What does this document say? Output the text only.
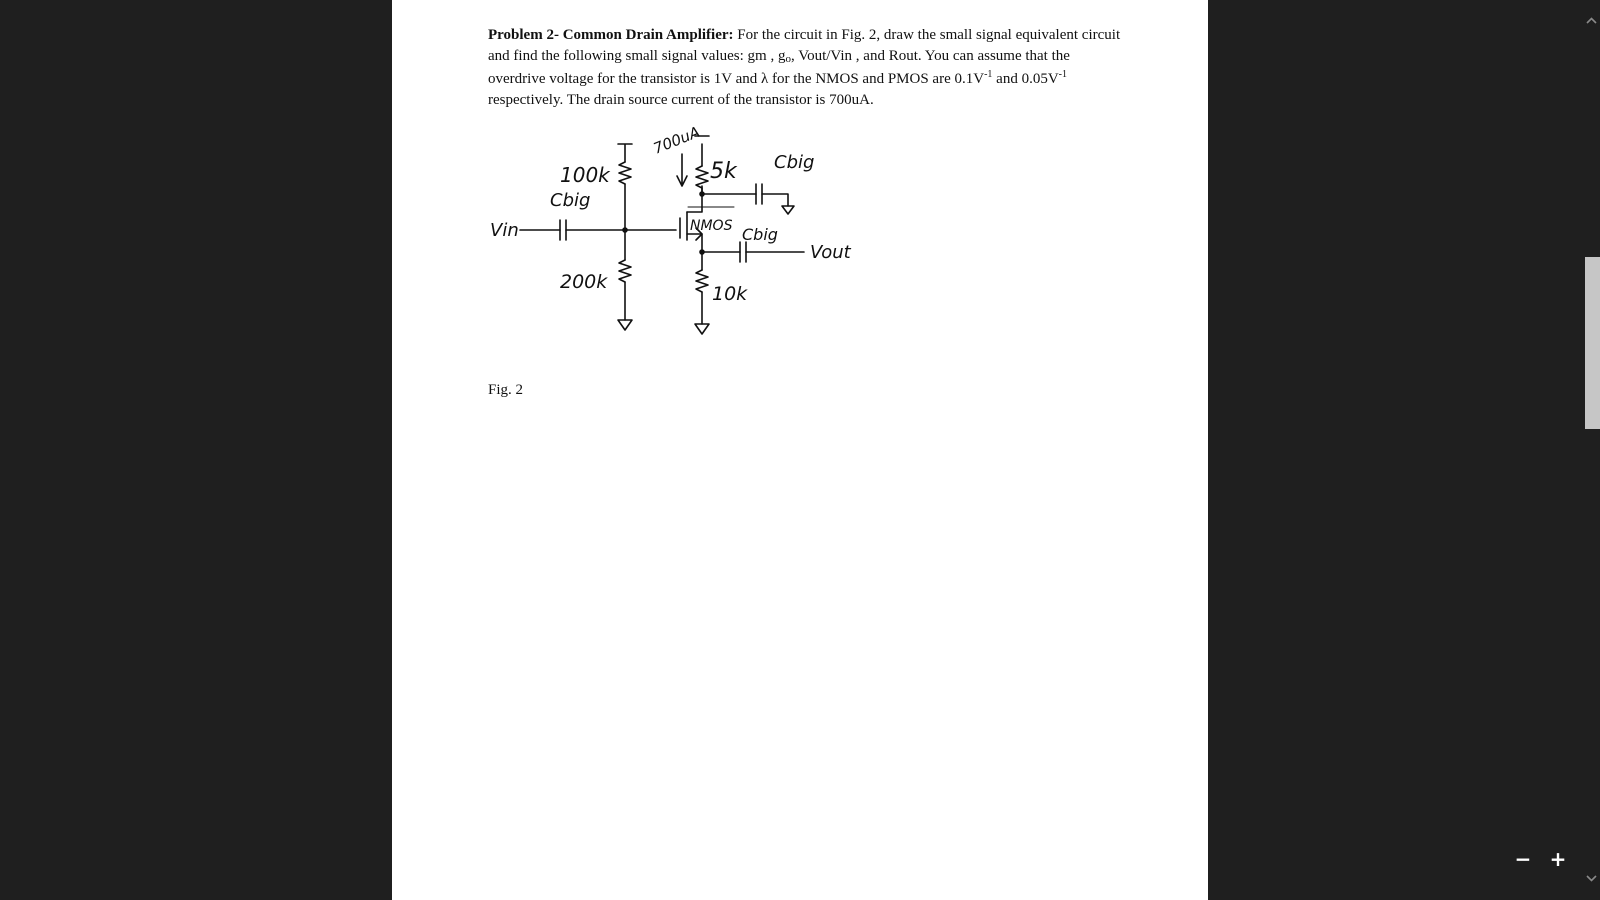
Problem 2- Common Drain Amplifier: For the circuit in Fig. 2, draw the small signal equivalent circuit and find the following small signal values: gm , go, Vout/Vin , and Rout. You can assume that the overdrive voltage for the transistor is 1V and λ for the NMOS and PMOS are $0.1V^{-1}$ and $0.05V^{-1}$ respectively. The drain source current of the transistor is 700uA.

Vin
100k
Cbig
200k
700uA
5k Cbig
NMOS Cbig
Vout
10k
Fig. 2
− +
